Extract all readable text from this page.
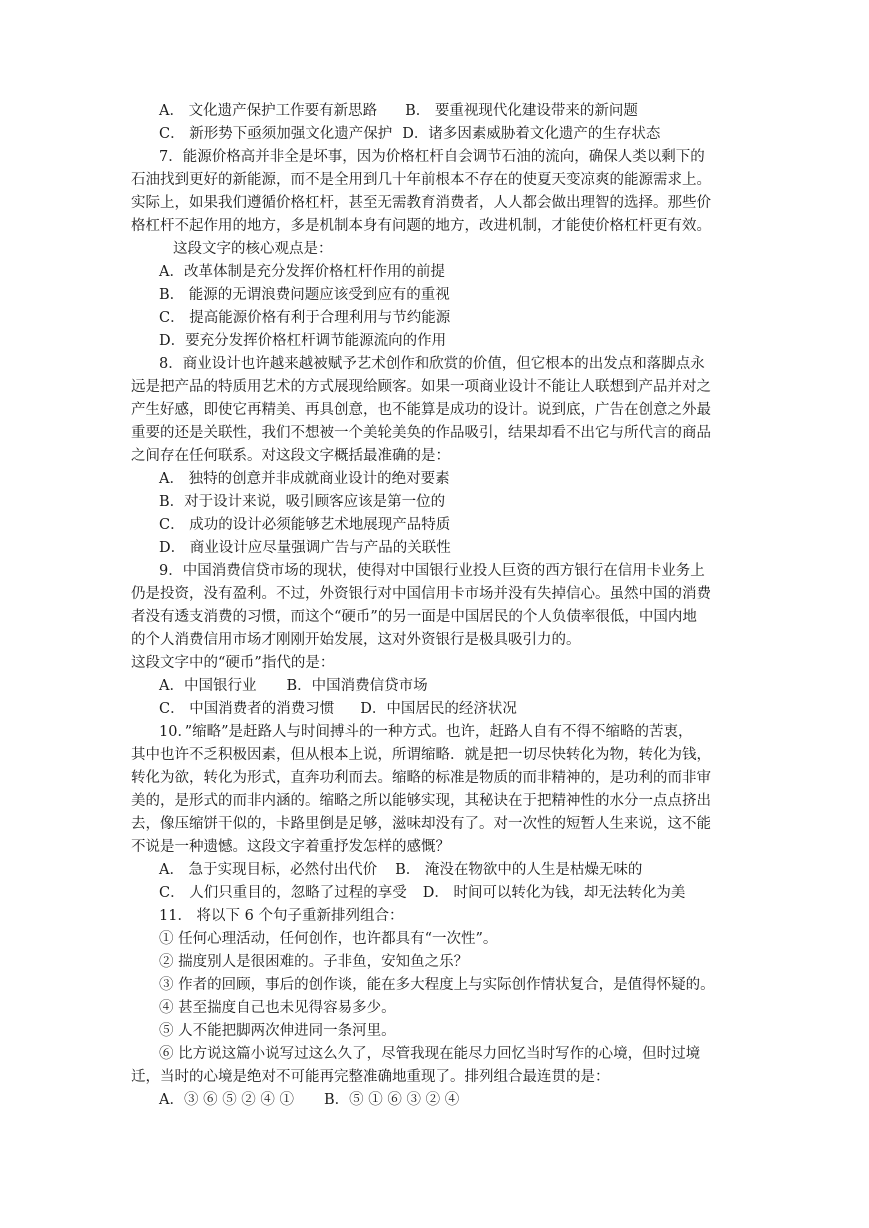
A． 文化遗产保护工作要有新思路 B． 要重视现代化建设带来的新问题
C． 新形势下亟须加强文化遗产保护 D．诸多因素威胁着文化遗产的生存状态
7．能源价格高并非全是坏事，因为价格杠杆自会调节石油的流向，确保人类以剩下的
石油找到更好的新能源，而不是全用到几十年前根本不存在的使夏天变凉爽的能源需求上。
实际上，如果我们遵循价格杠杆，甚至无需教育消费者，人人都会做出理智的选择。那些价
格杠杆不起作用的地方，多是机制本身有问题的地方，改进机制，才能使价格杠杆更有效。
这段文字的核心观点是：
A．改革体制是充分发挥价格杠杆作用的前提
B． 能源的无谓浪费问题应该受到应有的重视
C． 提高能源价格有利于合理利用与节约能源
D．要充分发挥价格杠杆调节能源流向的作用
8．商业设计也许越来越被赋予艺术创作和欣赏的价值，但它根本的出发点和落脚点永
远是把产品的特质用艺术的方式展现给顾客。如果一项商业设计不能让人联想到产品并对之
产生好感，即使它再精美、再具创意，也不能算是成功的设计。说到底，广告在创意之外最
重要的还是关联性，我们不想被一个美轮美奂的作品吸引，结果却看不出它与所代言的商品
之间存在任何联系。对这段文字概括最准确的是：
A． 独特的创意并非成就商业设计的绝对要素
B．对于设计来说，吸引顾客应该是第一位的
C． 成功的设计必须能够艺术地展现产品特质
D． 商业设计应尽量强调广告与产品的关联性
9．中国消费信贷市场的现状，使得对中国银行业投人巨资的西方银行在信用卡业务上
仍是投资，没有盈利。不过，外资银行对中国信用卡市场并没有失掉信心。虽然中国的消费
者没有透支消费的习惯，而这个“硬币”的另一面是中国居民的个人负债率很低，中国内地
的个人消费信用市场才刚刚开始发展，这对外资银行是极具吸引力的。
这段文字中的“硬币”指代的是：
A．中国银行业 B．中国消费信贷市场
C． 中国消费者的消费习惯 D．中国居民的经济状况
10．”缩略”是赶路人与时间搏斗的一种方式。也许，赶路人自有不得不缩略的苦衷，
其中也许不乏积极因素，但从根本上说，所谓缩略．就是把一切尽快转化为物，转化为钱，
转化为欲，转化为形式，直奔功利而去。缩略的标准是物质的而非精神的，是功利的而非审
美的，是形式的而非内涵的。缩略之所以能够实现，其秘诀在于把精神性的水分一点点挤出
去，像压缩饼干似的，卡路里倒是足够，滋味却没有了。对一次性的短暂人生来说，这不能
不说是一种遗憾。这段文字着重抒发怎样的感慨？
A． 急于实现目标，必然付出代价 B． 淹没在物欲中的人生是枯燥无味的
C． 人们只重目的，忽略了过程的享受 D． 时间可以转化为钱，却无法转化为美
11． 将以下 6 个句子重新排列组合：
① 任何心理活动，任何创作，也许都具有“一次性”。
② 揣度别人是很困难的。子非鱼，安知鱼之乐？
③ 作者的回顾，事后的创作谈，能在多大程度上与实际创作情状复合，是值得怀疑的。
④ 甚至揣度自己也未见得容易多少。
⑤ 人不能把脚两次伸进同一条河里。
⑥ 比方说这篇小说写过这么久了，尽管我现在能尽力回忆当时写作的心境，但时过境
迁，当时的心境是绝对不可能再完整准确地重现了。排列组合最连贯的是：
A．③ ⑥ ⑤ ② ④ ① B．⑤ ① ⑥ ③ ② ④
